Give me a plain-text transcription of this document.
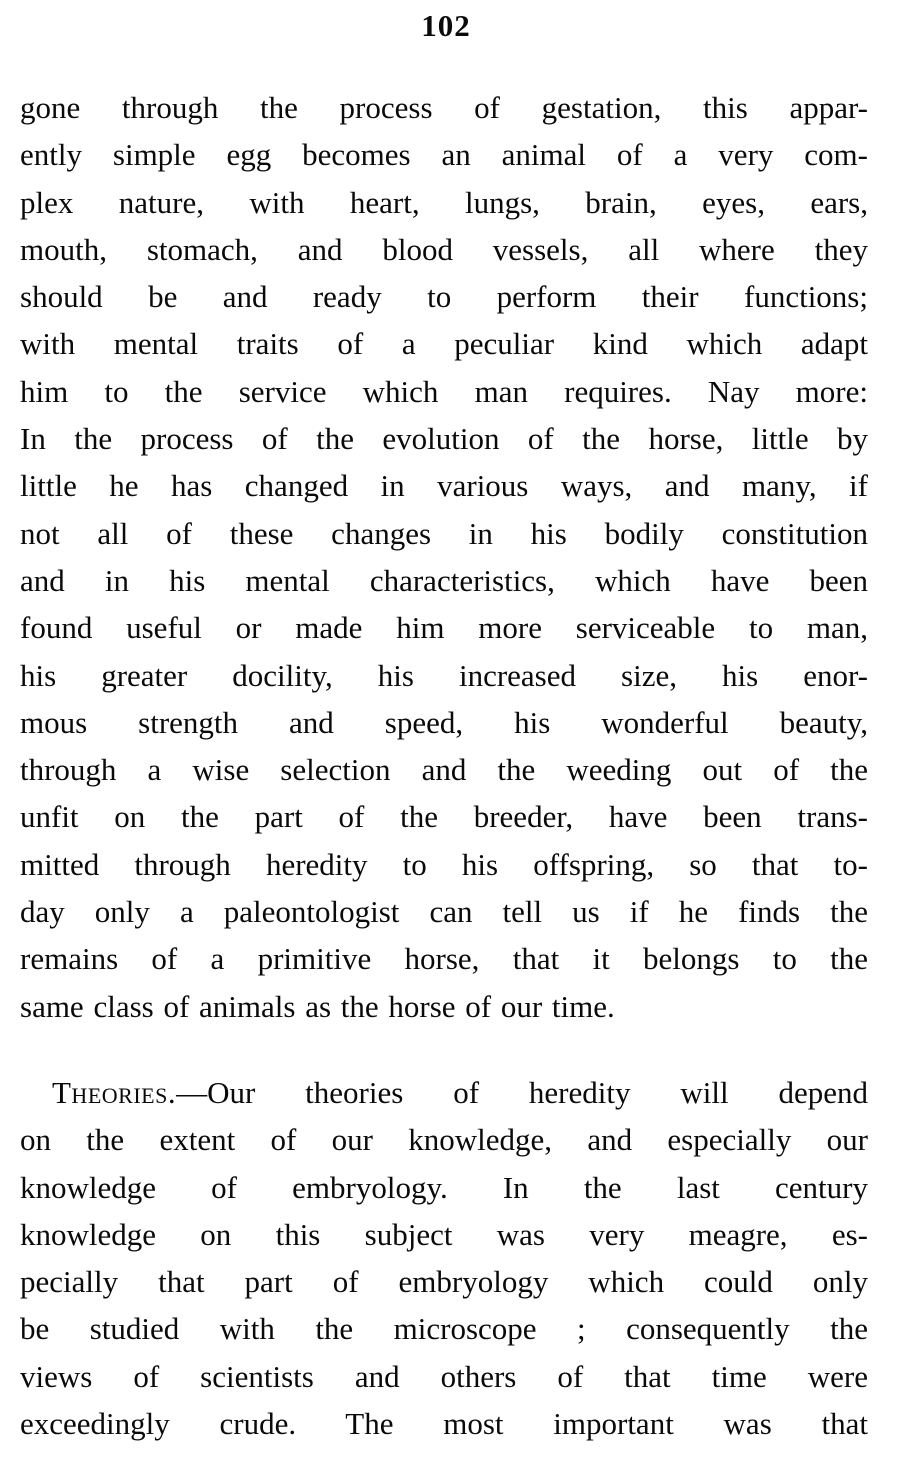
102
gone through the process of gestation, this appar-
ently simple egg becomes an animal of a very com-
plex nature, with heart, lungs, brain, eyes, ears,
mouth, stomach, and blood vessels, all where they
should be and ready to perform their functions;
with mental traits of a peculiar kind which adapt
him to the service which man requires. Nay more:
In the process of the evolution of the horse, little by
little he has changed in various ways, and many, if
not all of these changes in his bodily constitution
and in his mental characteristics, which have been
found useful or made him more serviceable to man,
his greater docility, his increased size, his enor-
mous strength and speed, his wonderful beauty,
through a wise selection and the weeding out of the
unfit on the part of the breeder, have been trans-
mitted through heredity to his offspring, so that to-
day only a paleontologist can tell us if he finds the
remains of a primitive horse, that it belongs to the
same class of animals as the horse of our time.
Theories.—Our theories of heredity will depend
on the extent of our knowledge, and especially our
knowledge of embryology. In the last century
knowledge on this subject was very meagre, es-
pecially that part of embryology which could only
be studied with the microscope ; consequently the
views of scientists and others of that time were
exceedingly crude. The most important was that
